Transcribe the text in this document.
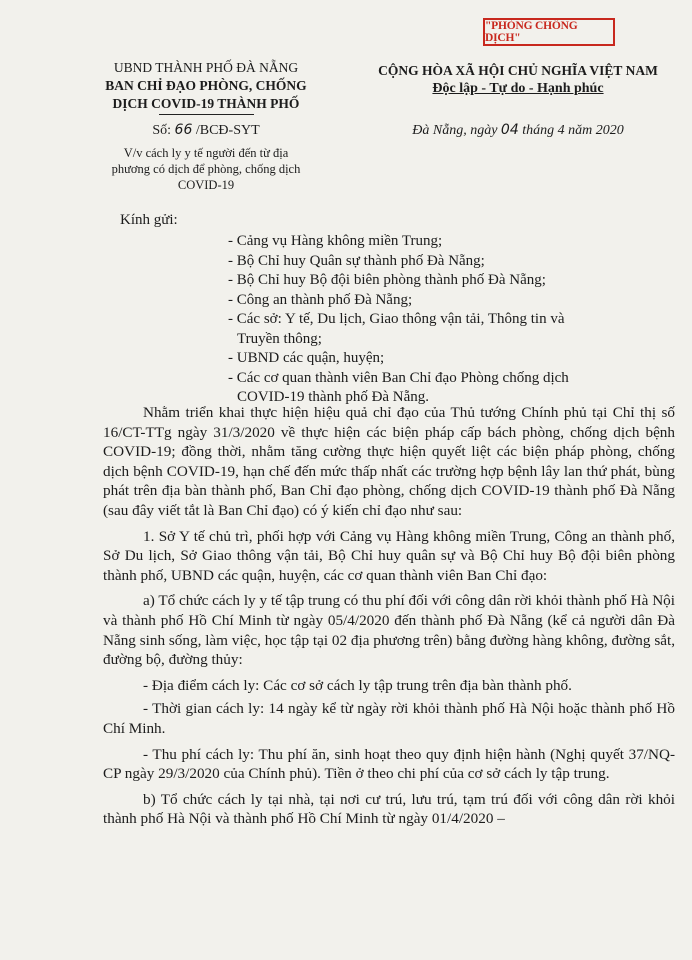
"PHÒNG CHỐNG DỊCH"
UBND THÀNH PHỐ ĐÀ NẴNG
BAN CHỈ ĐẠO PHÒNG, CHỐNG
DỊCH COVID-19 THÀNH PHỐ
Số: 66 /BCĐ-SYT
V/v cách ly y tế người đến từ địa
phương có dịch để phòng, chống dịch
COVID-19
CỘNG HÒA XÃ HỘI CHỦ NGHĨA VIỆT NAM
Độc lập - Tự do - Hạnh phúc
Đà Nẵng, ngày 04 tháng 4 năm 2020
Kính gửi:
- Cảng vụ Hàng không miền Trung;
- Bộ Chỉ huy Quân sự thành phố Đà Nẵng;
- Bộ Chỉ huy Bộ đội biên phòng thành phố Đà Nẵng;
- Công an thành phố Đà Nẵng;
- Các sở: Y tế, Du lịch, Giao thông vận tải, Thông tin và
Truyền thông;
- UBND các quận, huyện;
- Các cơ quan thành viên Ban Chỉ đạo Phòng chống dịch
COVID-19 thành phố Đà Nẵng.

Nhằm triển khai thực hiện hiệu quả chỉ đạo của Thủ tướng Chính phủ tại Chỉ thị số 16/CT-TTg ngày 31/3/2020 về thực hiện các biện pháp cấp bách phòng, chống dịch bệnh COVID-19; đồng thời, nhằm tăng cường thực hiện quyết liệt các biện pháp phòng, chống dịch bệnh COVID-19, hạn chế đến mức thấp nhất các trường hợp bệnh lây lan thứ phát, bùng phát trên địa bàn thành phố, Ban Chỉ đạo phòng, chống dịch COVID-19 thành phố Đà Nẵng (sau đây viết tắt là Ban Chỉ đạo) có ý kiến chỉ đạo như sau:

1. Sở Y tế chủ trì, phối hợp với Cảng vụ Hàng không miền Trung, Công an thành phố, Sở Du lịch, Sở Giao thông vận tải, Bộ Chỉ huy quân sự và Bộ Chỉ huy Bộ đội biên phòng thành phố, UBND các quận, huyện, các cơ quan thành viên Ban Chỉ đạo:

a) Tổ chức cách ly y tế tập trung có thu phí đối với công dân rời khỏi thành phố Hà Nội và thành phố Hồ Chí Minh từ ngày 05/4/2020 đến thành phố Đà Nẵng (kể cả người dân Đà Nẵng sinh sống, làm việc, học tập tại 02 địa phương trên) bằng đường hàng không, đường sắt, đường bộ, đường thủy:

- Địa điểm cách ly: Các cơ sở cách ly tập trung trên địa bàn thành phố.

- Thời gian cách ly: 14 ngày kể từ ngày rời khỏi thành phố Hà Nội hoặc thành phố Hồ Chí Minh.

- Thu phí cách ly: Thu phí ăn, sinh hoạt theo quy định hiện hành (Nghị quyết 37/NQ-CP ngày 29/3/2020 của Chính phủ). Tiền ở theo chi phí của cơ sở cách ly tập trung.

b) Tổ chức cách ly tại nhà, tại nơi cư trú, lưu trú, tạm trú đối với công dân rời khỏi thành phố Hà Nội và thành phố Hồ Chí Minh từ ngày 01/4/2020 –
